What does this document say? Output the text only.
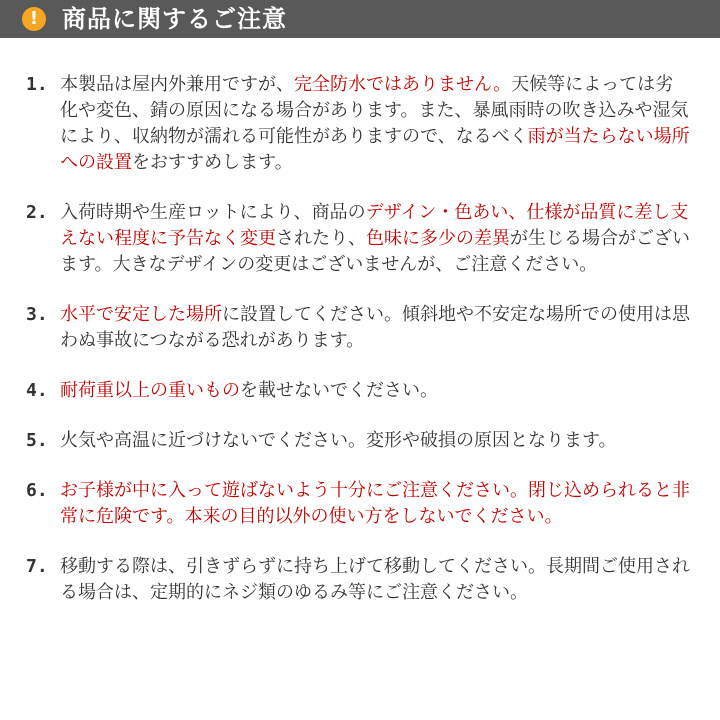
! 商品に関するご注意
1. 本製品は屋内外兼用ですが、完全防水ではありません。天候等によっては劣化や変色、錆の原因になる場合があります。また、暴風雨時の吹き込みや湿気により、収納物が濡れる可能性がありますので、なるべく雨が当たらない場所への設置をおすすめします。
2. 入荷時期や生産ロットにより、商品のデザイン・色あい、仕様が品質に差し支えない程度に予告なく変更されたり、色味に多少の差異が生じる場合がございます。大きなデザインの変更はございませんが、ご注意ください。
3. 水平で安定した場所に設置してください。傾斜地や不安定な場所での使用は思わぬ事故につながる恐れがあります。
4. 耐荷重以上の重いものを載せないでください。
5. 火気や高温に近づけないでください。変形や破損の原因となります。
6. お子様が中に入って遊ばないよう十分にご注意ください。閉じ込められると非常に危険です。本来の目的以外の使い方をしないでください。
7. 移動する際は、引きずらずに持ち上げて移動してください。長期間ご使用される場合は、定期的にネジ類のゆるみ等にご注意ください。
